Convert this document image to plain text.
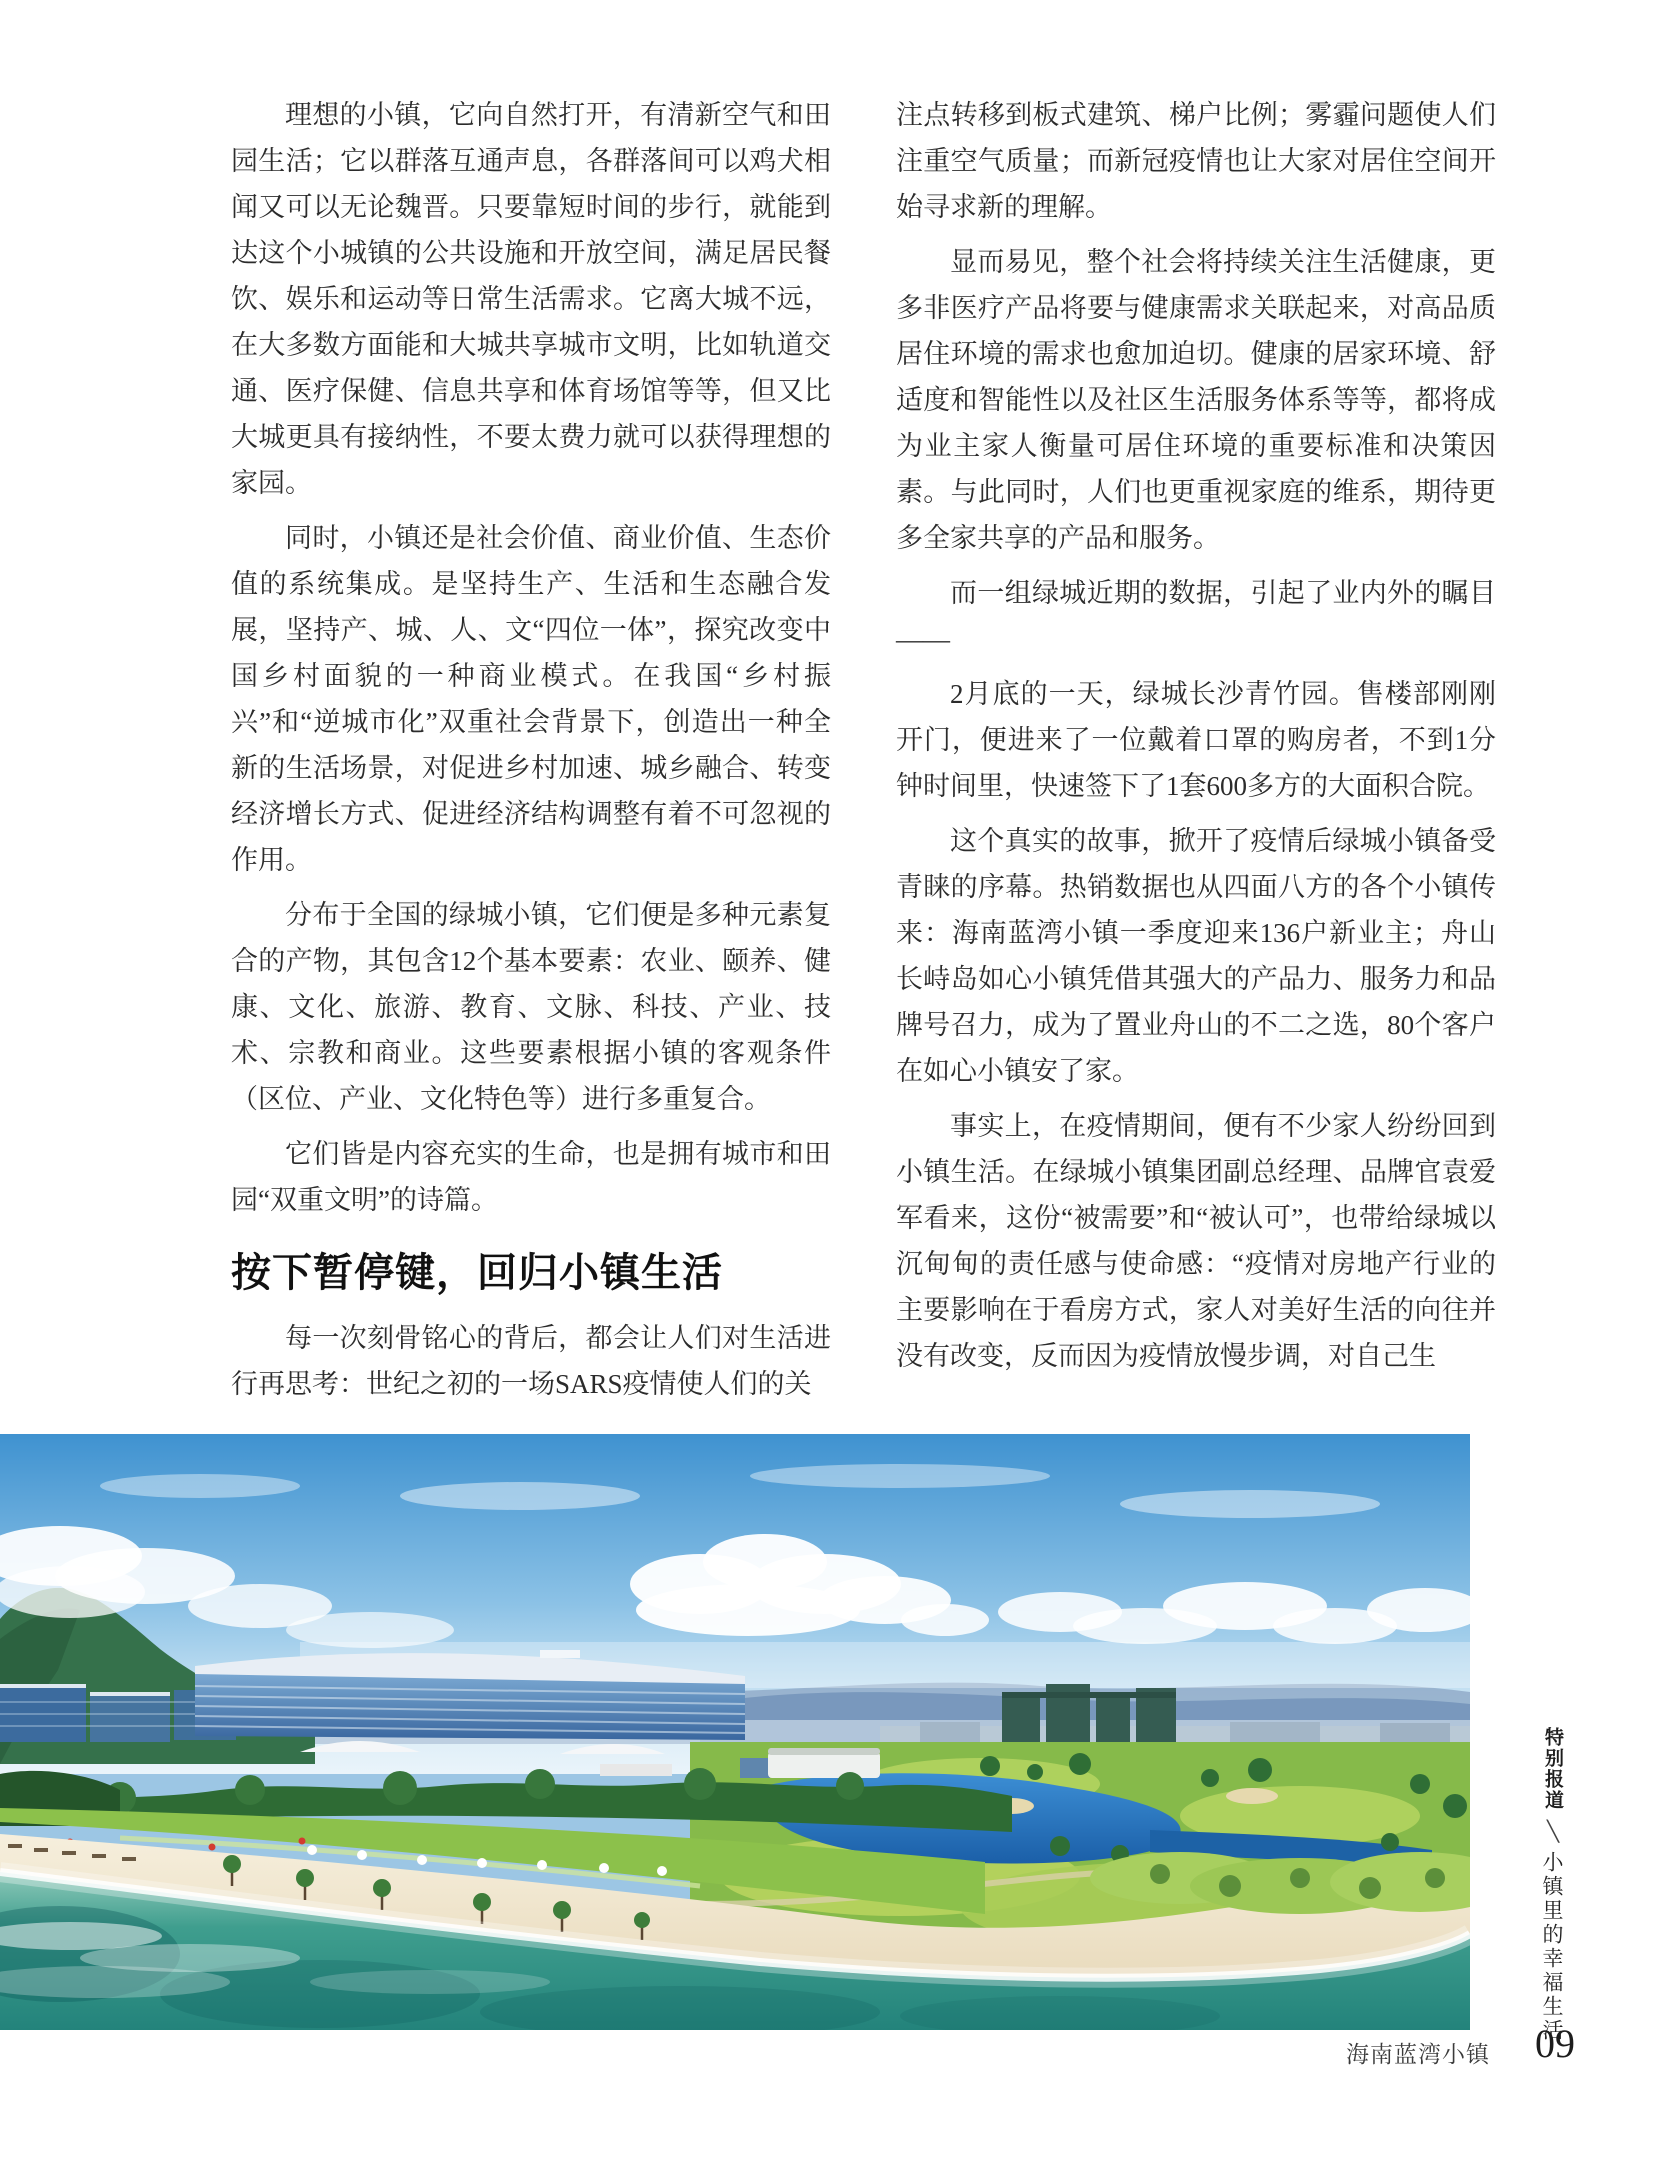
理想的小镇，它向自然打开，有清新空气和田园生活；它以群落互通声息，各群落间可以鸡犬相闻又可以无论魏晋。只要靠短时间的步行，就能到达这个小城镇的公共设施和开放空间，满足居民餐饮、娱乐和运动等日常生活需求。它离大城不远，在大多数方面能和大城共享城市文明，比如轨道交通、医疗保健、信息共享和体育场馆等等，但又比大城更具有接纳性，不要太费力就可以获得理想的家园。

同时，小镇还是社会价值、商业价值、生态价值的系统集成。是坚持生产、生活和生态融合发展，坚持产、城、人、文“四位一体”，探究改变中国乡村面貌的一种商业模式。在我国“乡村振兴”和“逆城市化”双重社会背景下，创造出一种全新的生活场景，对促进乡村加速、城乡融合、转变经济增长方式、促进经济结构调整有着不可忽视的作用。

分布于全国的绿城小镇，它们便是多种元素复合的产物，其包含12个基本要素：农业、颐养、健康、文化、旅游、教育、文脉、科技、产业、技术、宗教和商业。这些要素根据小镇的客观条件（区位、产业、文化特色等）进行多重复合。

它们皆是内容充实的生命，也是拥有城市和田园“双重文明”的诗篇。

按下暂停键，回归小镇生活

每一次刻骨铭心的背后，都会让人们对生活进行再思考：世纪之初的一场SARS疫情使人们的关

注点转移到板式建筑、梯户比例；雾霾问题使人们注重空气质量；而新冠疫情也让大家对居住空间开始寻求新的理解。

显而易见，整个社会将持续关注生活健康，更多非医疗产品将要与健康需求关联起来，对高品质居住环境的需求也愈加迫切。健康的居家环境、舒适度和智能性以及社区生活服务体系等等，都将成为业主家人衡量可居住环境的重要标准和决策因素。与此同时，人们也更重视家庭的维系，期待更多全家共享的产品和服务。

而一组绿城近期的数据，引起了业内外的瞩目——

2月底的一天，绿城长沙青竹园。售楼部刚刚开门，便进来了一位戴着口罩的购房者，不到1分钟时间里，快速签下了1套600多方的大面积合院。

这个真实的故事，掀开了疫情后绿城小镇备受青睐的序幕。热销数据也从四面八方的各个小镇传来：海南蓝湾小镇一季度迎来136户新业主；舟山长峙岛如心小镇凭借其强大的产品力、服务力和品牌号召力，成为了置业舟山的不二之选，80个客户在如心小镇安了家。

事实上，在疫情期间，便有不少家人纷纷回到小镇生活。在绿城小镇集团副总经理、品牌官袁爱军看来，这份“被需要”和“被认可”，也带给绿城以沉甸甸的责任感与使命感：“疫情对房地产行业的主要影响在于看房方式，家人对美好生活的向往并没有改变，反而因为疫情放慢步调，对自己生

海南蓝湾小镇
特别报道╲小镇里的幸福生活
09
